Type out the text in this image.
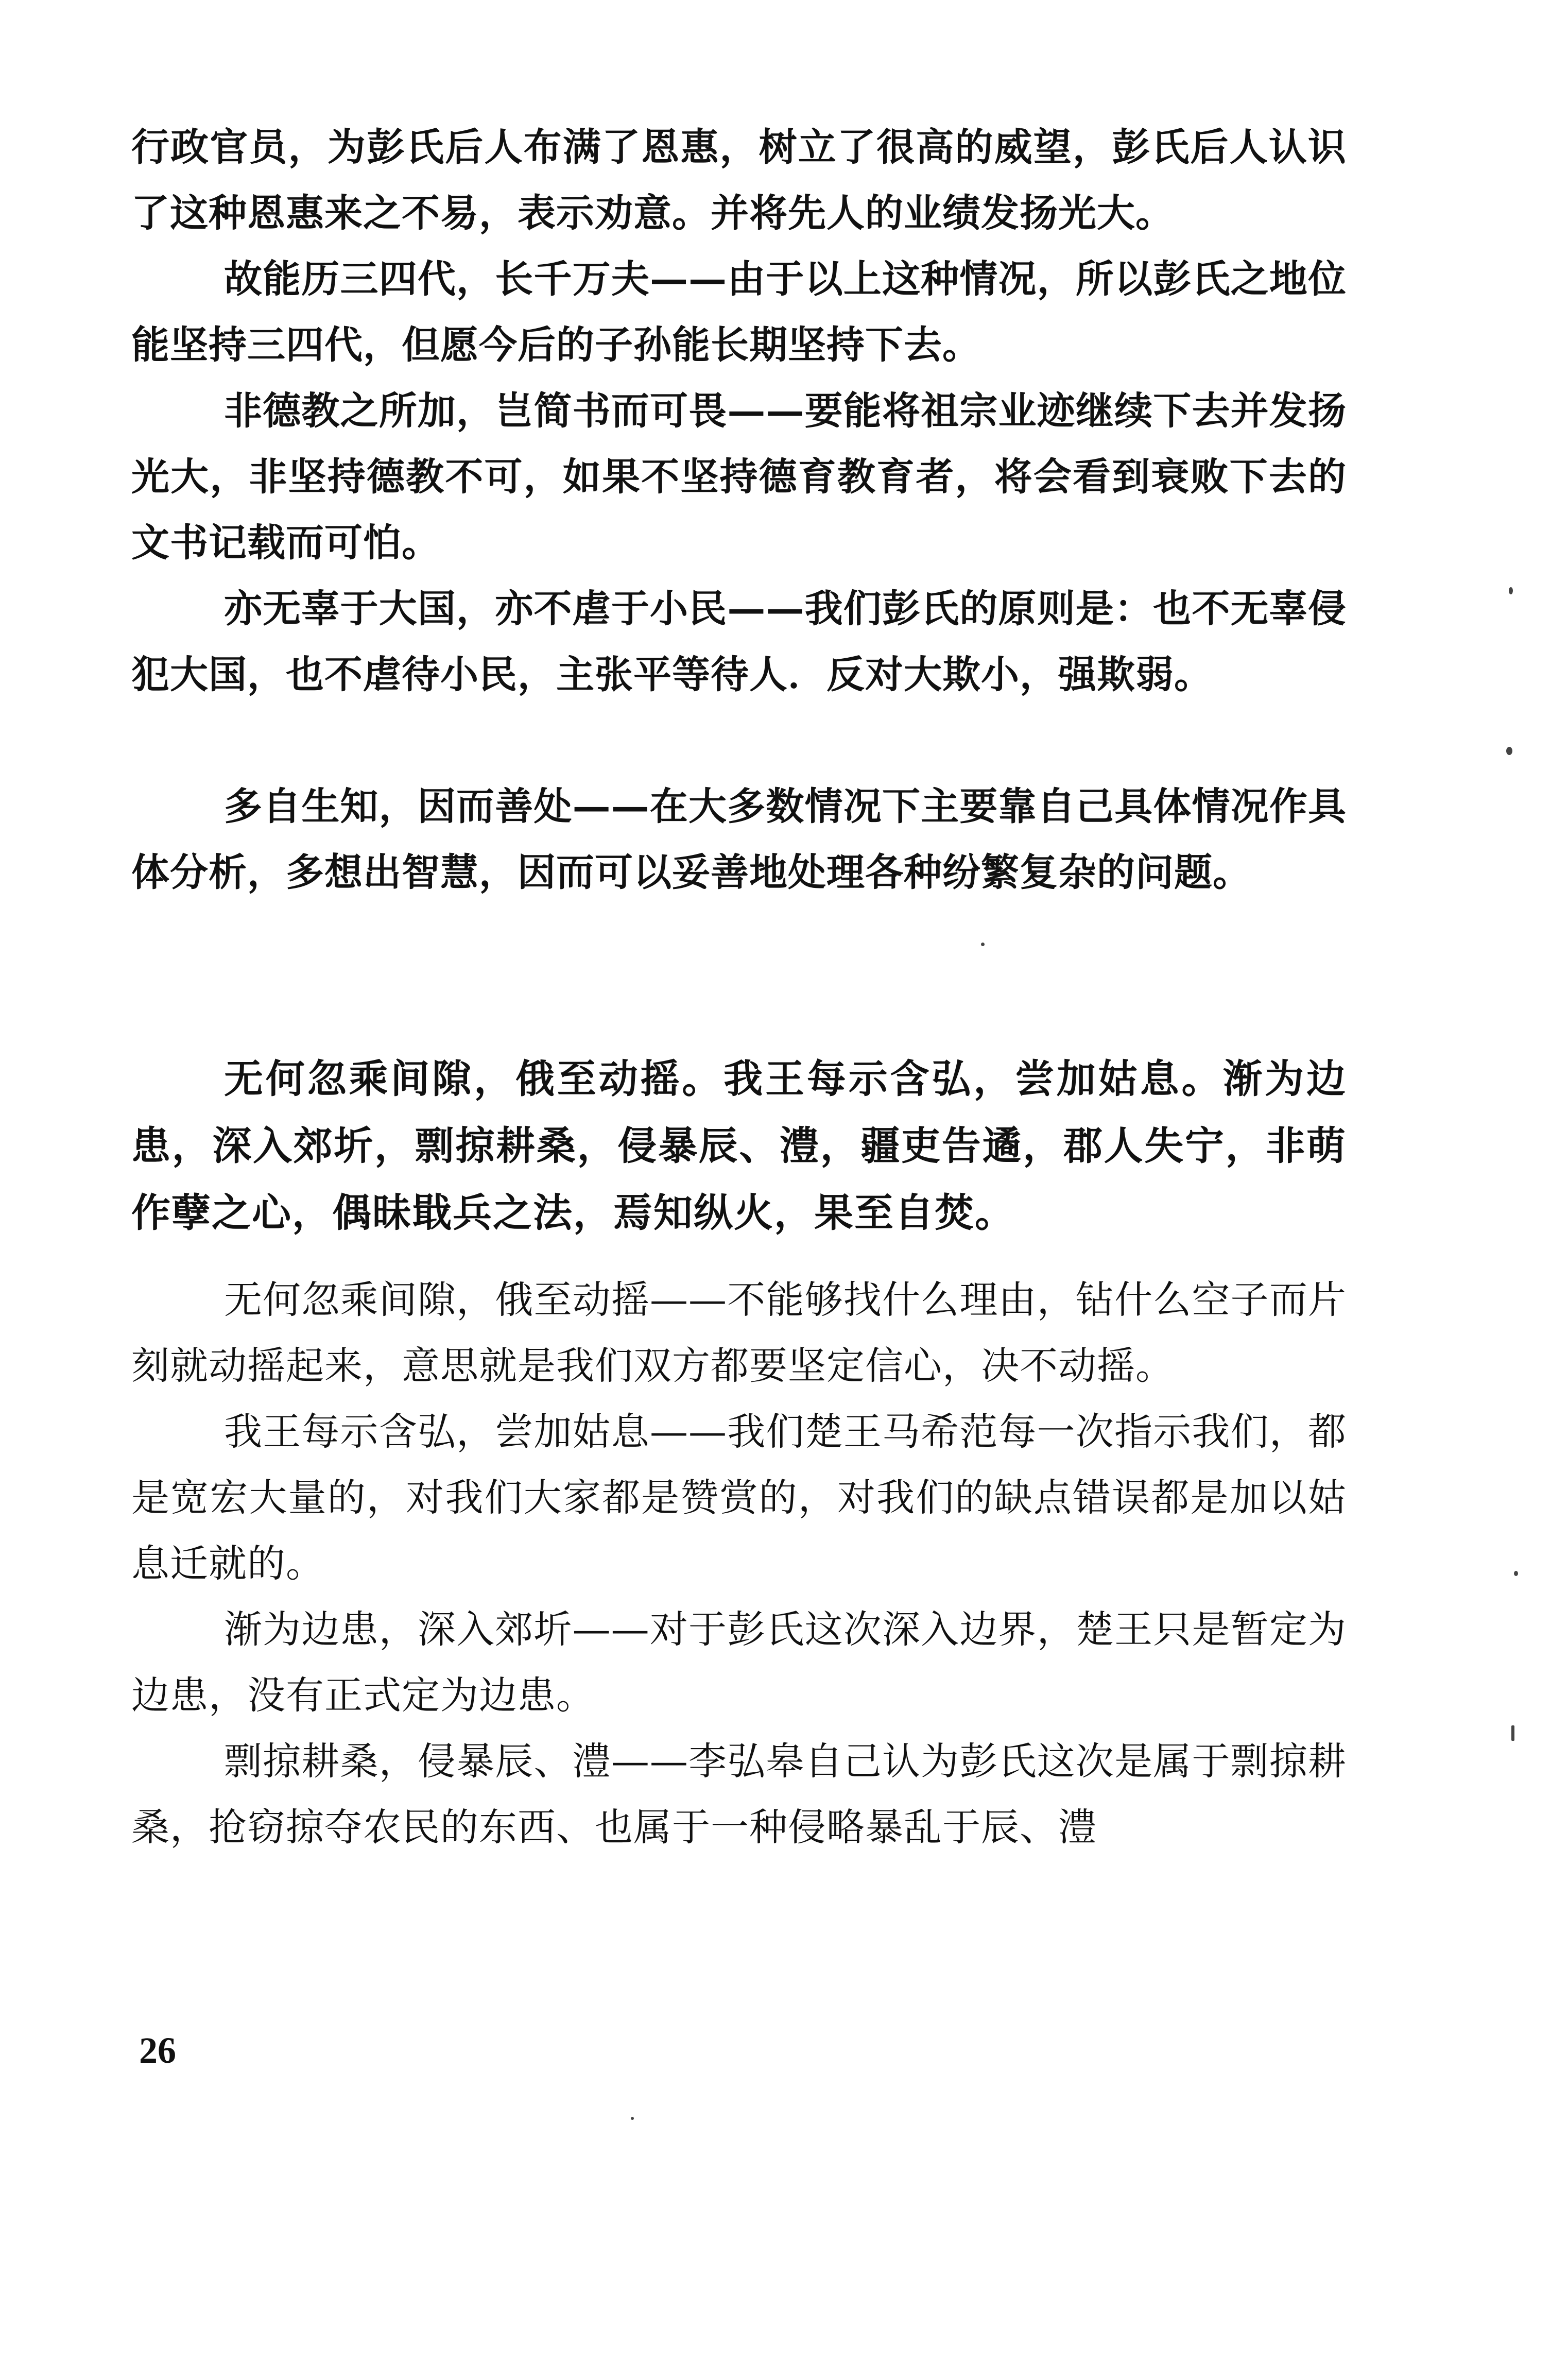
行政官员，为彭氏后人布满了恩惠，树立了很高的威望，彭氏后人认识了这种恩惠来之不易，表示劝意。并将先人的业绩发扬光大。

故能历三四代，长千万夫——由于以上这种情况，所以彭氏之地位能坚持三四代，但愿今后的子孙能长期坚持下去。

非德教之所加，岂简书而可畏——要能将祖宗业迹继续下去并发扬光大，非坚持德教不可，如果不坚持德育教育者，将会看到衰败下去的文书记载而可怕。

亦无辜于大国，亦不虐于小民——我们彭氏的原则是：也不无辜侵犯大国，也不虐待小民，主张平等待人．反对大欺小，强欺弱。

多自生知，因而善处——在大多数情况下主要靠自己具体情况作具体分析，多想出智慧，因而可以妥善地处理各种纷繁复杂的问题。

无何忽乘间隙，俄至动摇。我王每示含弘，尝加姑息。渐为边患，深入郊圻，剽掠耕桑，侵暴辰、澧，疆吏告遹，郡人失宁，非萌作孽之心，偶昧戢兵之法，焉知纵火，果至自焚。

无何忽乘间隙，俄至动摇——不能够找什么理由，钻什么空子而片刻就动摇起来，意思就是我们双方都要坚定信心，决不动摇。

我王每示含弘，尝加姑息——我们楚王马希范每一次指示我们，都是宽宏大量的，对我们大家都是赞赏的，对我们的缺点错误都是加以姑息迁就的。

渐为边患，深入郊圻——对于彭氏这次深入边界，楚王只是暂定为边患，没有正式定为边患。

剽掠耕桑，侵暴辰、澧——李弘皋自己认为彭氏这次是属于剽掠耕桑，抢窃掠夺农民的东西、也属于一种侵略暴乱于辰、澧

26
